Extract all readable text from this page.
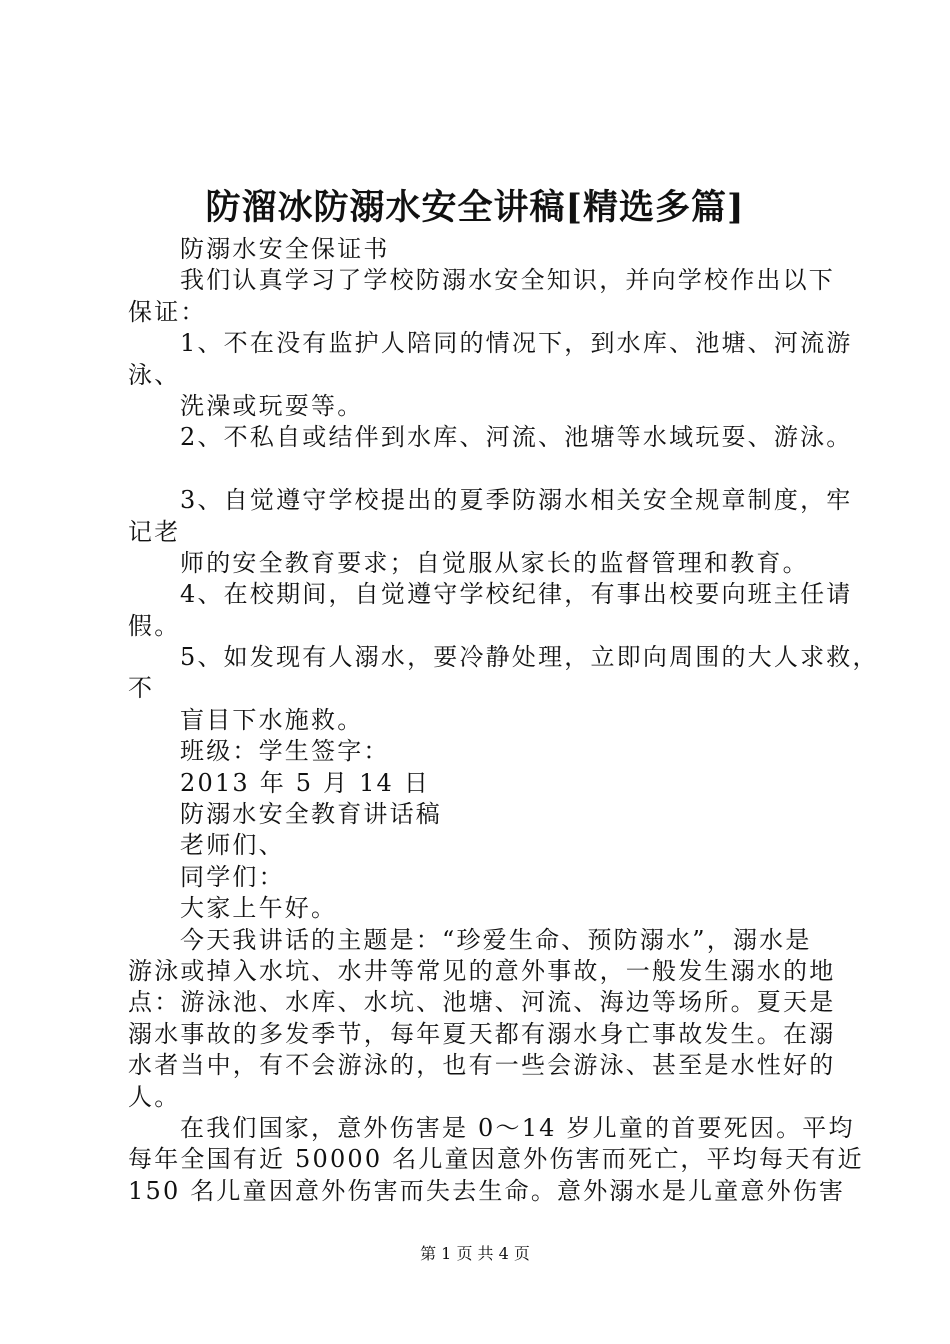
防溜冰防溺水安全讲稿[精选多篇]
防溺水安全保证书
我们认真学习了学校防溺水安全知识，并向学校作出以下
保证：
1、不在没有监护人陪同的情况下，到水库、池塘、河流游
泳、
洗澡或玩耍等。
2、不私自或结伴到水库、河流、池塘等水域玩耍、游泳。
3、自觉遵守学校提出的夏季防溺水相关安全规章制度，牢
记老
师的安全教育要求；自觉服从家长的监督管理和教育。
4、在校期间，自觉遵守学校纪律，有事出校要向班主任请
假。
5、如发现有人溺水，要冷静处理，立即向周围的大人求救，
不
盲目下水施救。
班级：学生签字：
2013 年 5 月 14 日
防溺水安全教育讲话稿
老师们、
同学们：
大家上午好。
今天我讲话的主题是：“珍爱生命、预防溺水”，溺水是
游泳或掉入水坑、水井等常见的意外事故，一般发生溺水的地
点：游泳池、水库、水坑、池塘、河流、海边等场所。夏天是
溺水事故的多发季节，每年夏天都有溺水身亡事故发生。在溺
水者当中，有不会游泳的，也有一些会游泳、甚至是水性好的
人。
在我们国家，意外伤害是 0～14 岁儿童的首要死因。平均
每年全国有近 50000 名儿童因意外伤害而死亡，平均每天有近
150 名儿童因意外伤害而失去生命。意外溺水是儿童意外伤害
第 1 页 共 4 页
